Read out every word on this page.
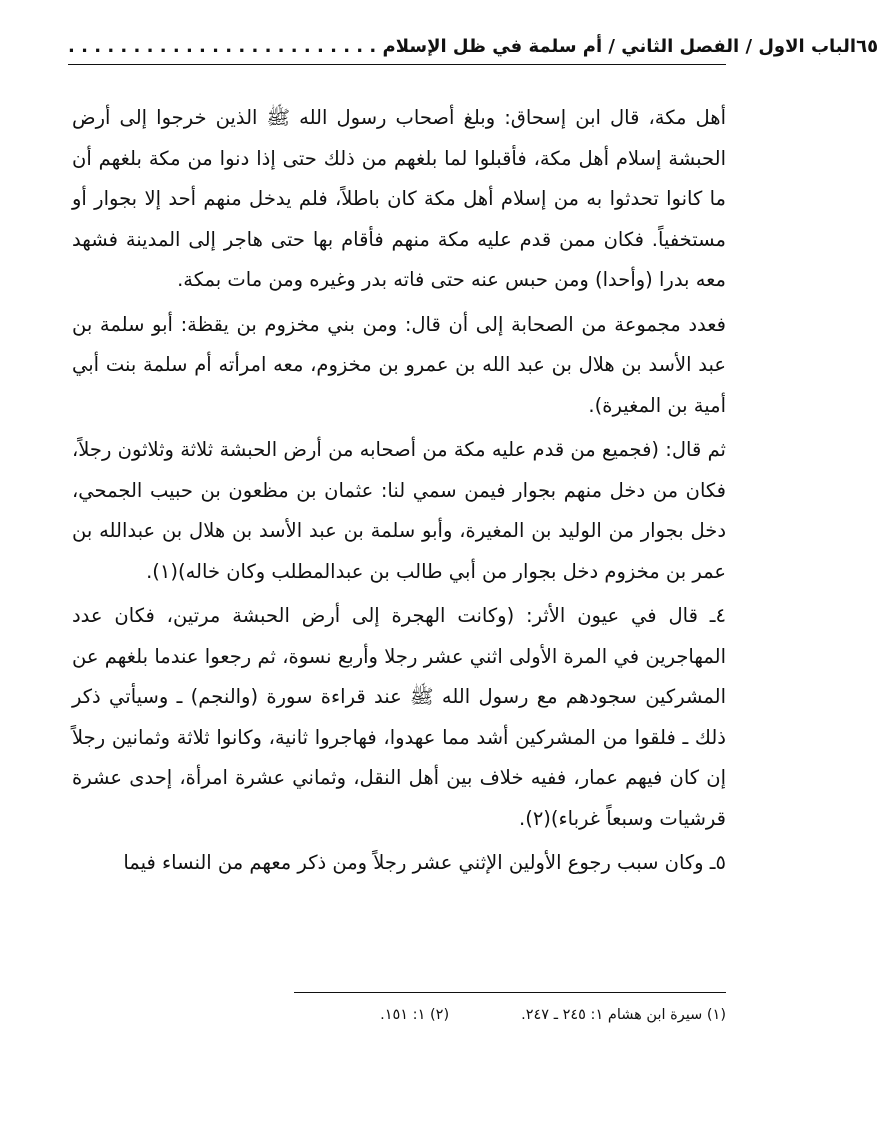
الباب الاول / الفصل الثاني / أم سلمة في ظل الإسلام . . . . . . . . . . . . . . . . . . . . . . . .	٦٥

أهل مكة، قال ابن إسحاق: وبلغ أصحاب رسول الله ﷺ الذين خرجوا إلى أرض الحبشة إسلام أهل مكة، فأقبلوا لما بلغهم من ذلك حتى إذا دنوا من مكة بلغهم أن ما كانوا تحدثوا به من إسلام أهل مكة كان باطلاً، فلم يدخل منهم أحد إلا بجوار أو مستخفياً. فكان ممن قدم عليه مكة منهم فأقام بها حتى هاجر إلى المدينة فشهد معه بدرا (وأحدا) ومن حبس عنه حتى فاته بدر وغيره ومن مات بمكة.

فعدد مجموعة من الصحابة إلى أن قال: ومن بني مخزوم بن يقظة: أبو سلمة بن عبد الأسد بن هلال بن عبد الله بن عمرو بن مخزوم، معه امرأته أم سلمة بنت أبي أمية بن المغيرة).

ثم قال: (فجميع من قدم عليه مكة من أصحابه من أرض الحبشة ثلاثة وثلاثون رجلاً، فكان من دخل منهم بجوار فيمن سمي لنا: عثمان بن مظعون بن حبيب الجمحي، دخل بجوار من الوليد بن المغيرة، وأبو سلمة بن عبد الأسد بن هلال بن عبدالله بن عمر بن مخزوم دخل بجوار من أبي طالب بن عبدالمطلب وكان خاله)(١).

٤ـ قال في عيون الأثر: (وكانت الهجرة إلى أرض الحبشة مرتين، فكان عدد المهاجرين في المرة الأولى اثني عشر رجلا وأربع نسوة، ثم رجعوا عندما بلغهم عن المشركين سجودهم مع رسول الله ﷺ عند قراءة سورة (والنجم) ـ وسيأتي ذكر ذلك ـ فلقوا من المشركين أشد مما عهدوا، فهاجروا ثانية، وكانوا ثلاثة وثمانين رجلاً إن كان فيهم عمار، ففيه خلاف بين أهل النقل، وثماني عشرة امرأة، إحدى عشرة قرشيات وسبعاً غرباء)(٢).

٥ـ وكان سبب رجوع الأولين الإثني عشر رجلاً ومن ذكر معهم من النساء فيما

(١) سيرة ابن هشام ١: ٢٤٥ ـ ٢٤٧.
(٢) ١: ١٥١.
